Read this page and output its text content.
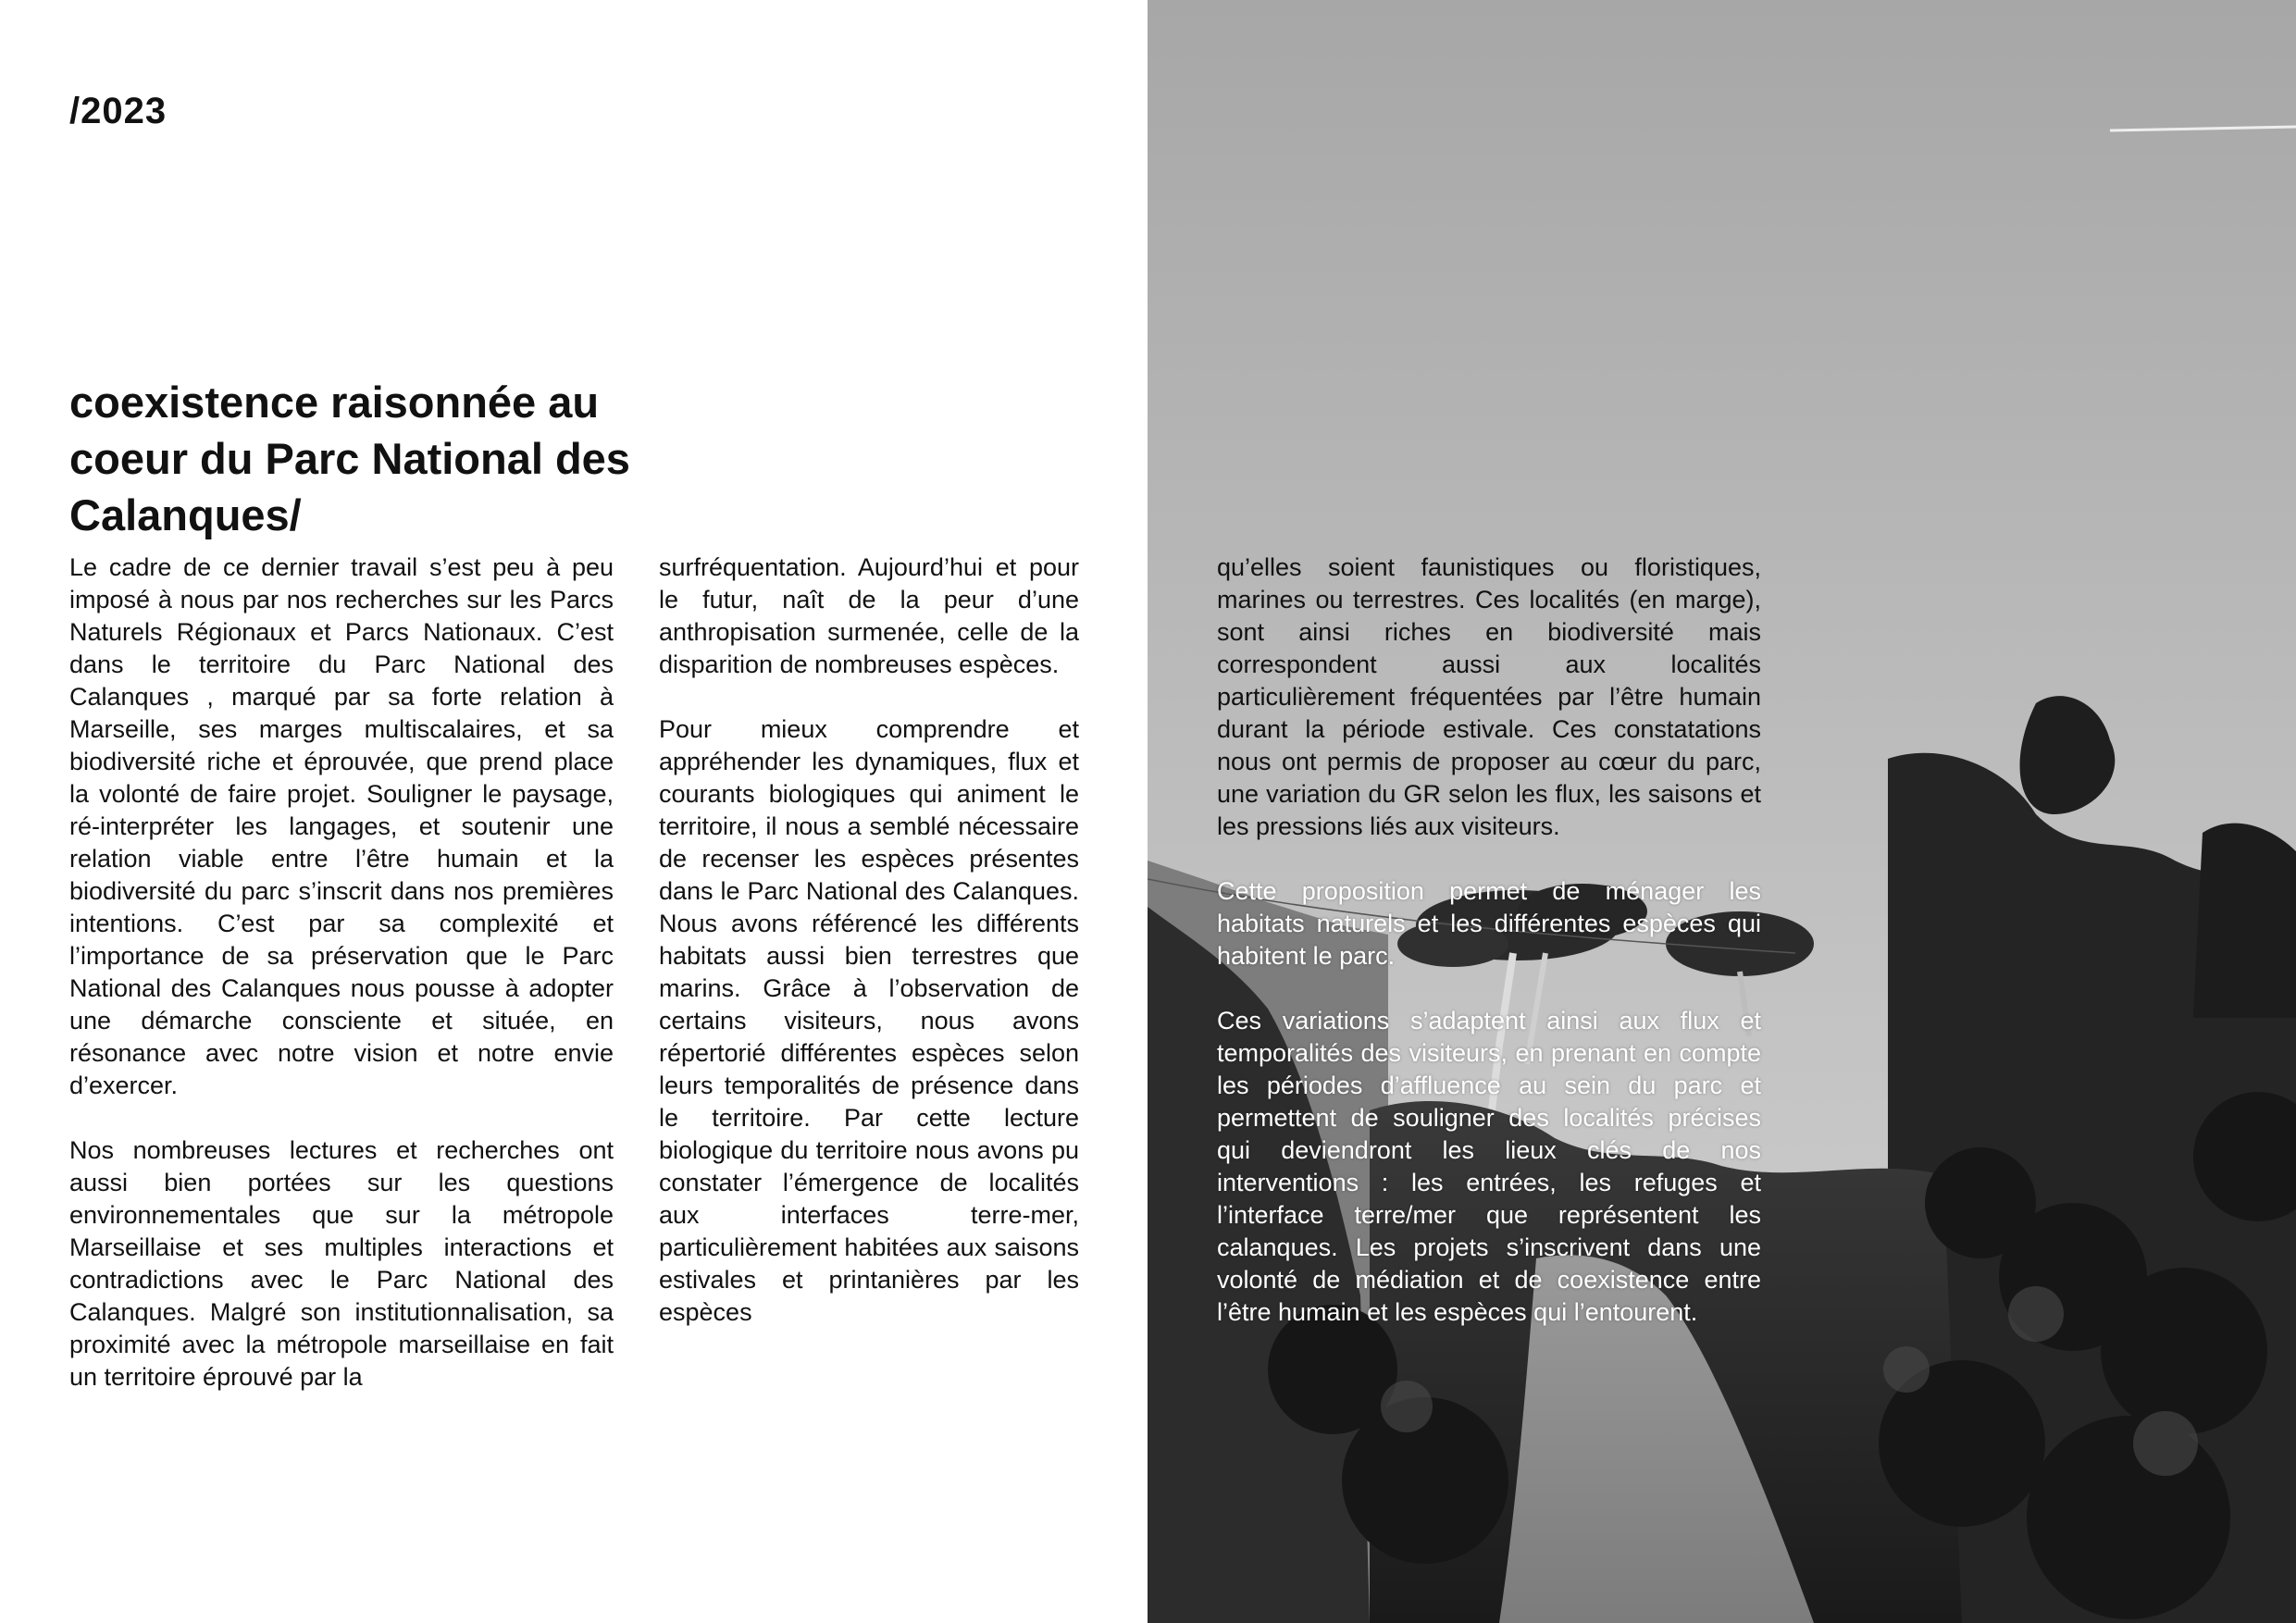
/2023
coexistence raisonnée au coeur du Parc National des Calanques/

Le cadre de ce dernier travail s’est peu à peu imposé à nous par nos recherches sur les Parcs Naturels Régionaux et Parcs Nationaux. C’est dans le territoire du Parc National des Calanques , marqué par sa forte relation à Marseille, ses marges multiscalaires, et sa biodiversité riche et éprouvée, que prend place la volonté de faire projet. Souligner le paysage, ré-interpréter les langages, et soutenir une relation viable entre l’être humain et la biodiversité du parc s’inscrit dans nos premières intentions. C’est par sa complexité et l’importance de sa préservation que le Parc National des Calanques nous pousse à adopter une démarche consciente et située, en résonance avec notre vision et notre envie d’exercer.

Nos nombreuses lectures et recherches ont aussi bien portées sur les questions environnementales que sur la métropole Marseillaise et ses multiples interactions et contradictions avec le Parc National des Calanques. Malgré son institutionnalisation, sa proximité avec la métropole marseillaise en fait un territoire éprouvé par la

surfréquentation. Aujourd’hui et pour le futur, naît de la peur d’une anthropisation surmenée, celle de la disparition de nombreuses espèces.

Pour mieux comprendre et appréhender les dynamiques, flux et courants biologiques qui animent le territoire, il nous a semblé nécessaire de recenser les espèces présentes dans le Parc National des Calanques. Nous avons référencé les différents habitats aussi bien terrestres que marins. Grâce à l’observation de certains visiteurs, nous avons répertorié différentes espèces selon leurs temporalités de présence dans le territoire. Par cette lecture biologique du territoire nous avons pu constater l’émergence de localités aux interfaces terre-mer, particulièrement habitées aux saisons estivales et printanières par les espèces

qu’elles soient faunistiques ou floristiques, marines ou terrestres. Ces localités (en marge), sont ainsi riches en biodiversité mais correspondent aussi aux localités particulièrement fréquentées par l’être humain durant la période estivale. Ces constatations nous ont permis de proposer au cœur du parc, une variation du GR selon les flux, les saisons et les pressions liés aux visiteurs.

Cette proposition permet de ménager les habitats naturels et les différentes espèces qui habitent le parc.

Ces variations s’adaptent ainsi aux flux et temporalités des visiteurs, en prenant en compte les périodes d’affluence au sein du parc et permettent de souligner des localités précises qui deviendront les lieux clés de nos interventions : les entrées, les refuges et l’interface terre/mer que représentent les calanques. Les projets s’inscrivent dans une volonté de médiation et de coexistence entre l’être humain et les espèces qui l’entourent.
